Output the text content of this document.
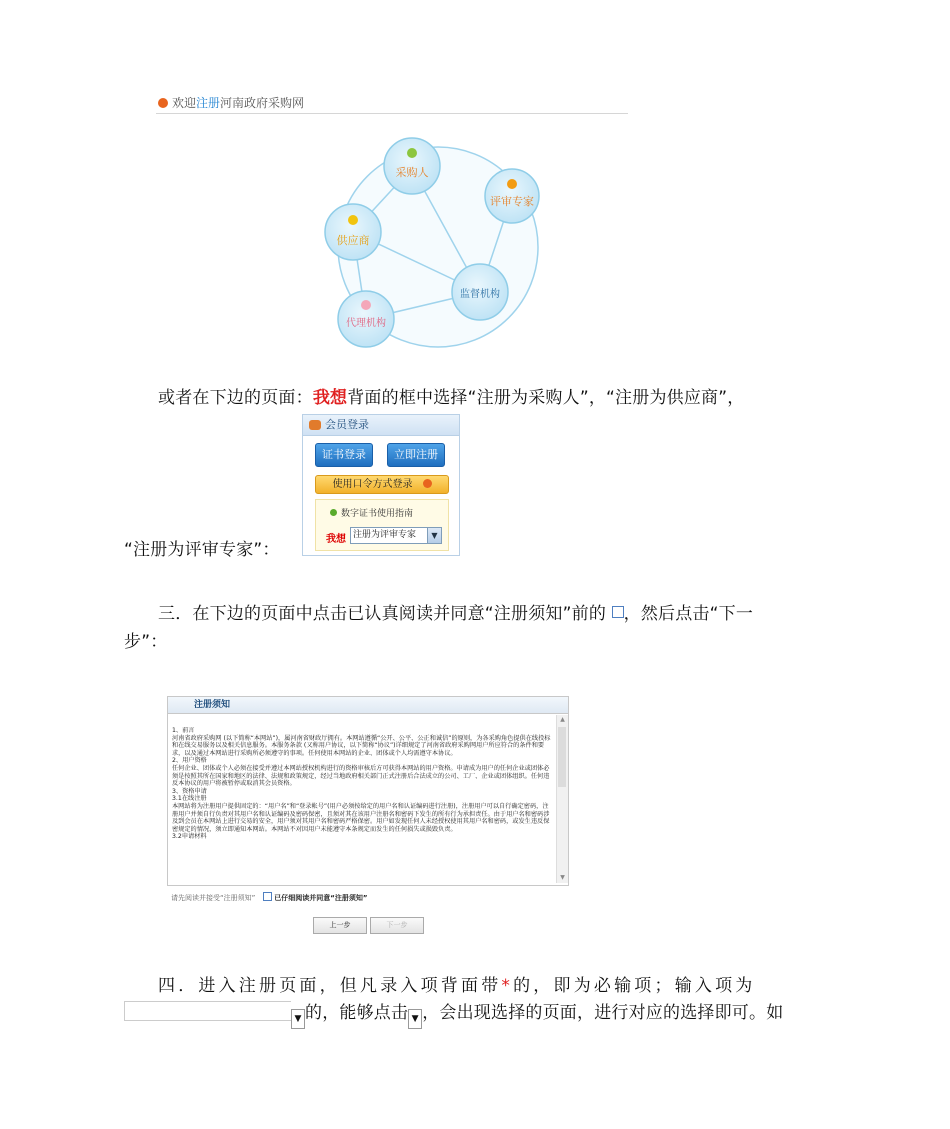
欢迎注册河南政府采购网
采购人
评审专家
供应商
监督机构
代理机构
或者在下边的页面：我想背面的框中选择“注册为采购人”，“注册为供应商”，
“注册为评审专家”：
会员登录
证书登录	立即注册
使用口令方式登录
数字证书使用指南
我想 注册为评审专家	▼
三．在下边的页面中点击已认真阅读并同意“注册须知”前的 ，然后点击“下一
步”：
注册须知
1、前言
河南省政府采购网 (以下简称“本网站”)，属河南省财政厅拥有。本网站遵循“公开、公平、公正和诚信”的原则，为各采购角色提供在线投标和在线交易服务以及相关信息服务。本服务条款 (又称用户协议，以下简称“协议”)详细规定了河南省政府采购网用户所应符合的条件和要求，以及通过本网站进行采购所必须遵守的事项。任何使用本网站的企业、团体或个人均需遵守本协议。
2、用户资格
任何企业、团体或个人必须在接受并遵过本网站授权机构进行的资格审核后方可获得本网站的用户资格。申请成为用户的任何企业或团体必须是按照其所在国家和地区的法律、法规和政策规定，经过当地政府相关部门正式注册后合法成立的公司、工厂、企业或团体组织。任何违反本协议的用户将被暂停或取消其会员资格。
3、资格申请
3.1在线注册
本网站将为注册用户提供固定的：“用户名”和“登录帐号”(用户必须按给定的用户名和认证编码进行注册)，注册用户可以自行确定密码，注册用户并须自行负责对其用户名和认证编码及密码保密，且须对其在该用户注册名和密码下发生的所有行为承担责任。由于用户名和密码涉及到会员在本网站上进行交易的安全，用户须对其用户名和密码严格保密。用户如发现任何人未经授权使用其用户名和密码，或发生违反保密规定的情况，须立即通知本网站。本网站不对因用户未能遵守本条规定而发生的任何损失或损毁负责。
3.2申请材料
▲
▼
请先阅读并接受“注册须知”	已仔细阅读并同意“注册须知”
上一步	下一步
四．进入注册页面，但凡录入项背面带*的，即为必输项；输入项为
▼ 的，能够点击 ▼ ，会出现选择的页面，进行对应的选择即可。如
